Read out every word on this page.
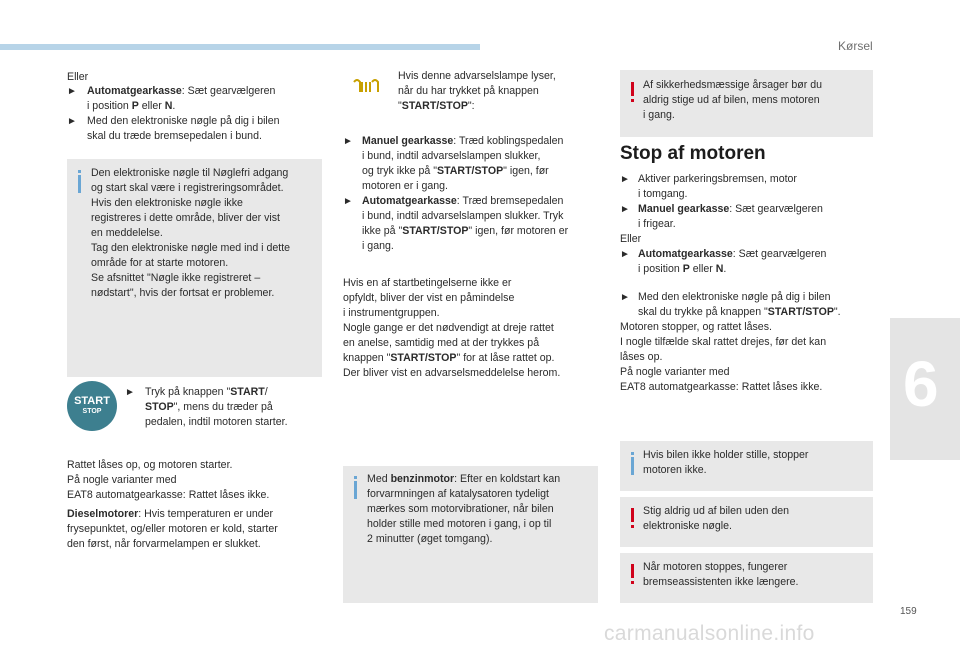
Kørsel
6
159
Eller
► Automatgearkasse: Sæt gearvælgeren
i position P eller N.
► Med den elektroniske nøgle på dig i bilen
skal du træde bremsepedalen i bund.
Den elektroniske nøgle til Nøglefri adgang
og start skal være i registreringsområdet.
Hvis den elektroniske nøgle ikke
registreres i dette område, bliver der vist
en meddelelse.
Tag den elektroniske nøgle med ind i dette
område for at starte motoren.
Se afsnittet "Nøgle ikke registreret –
nødstart", hvis der fortsat er problemer.
START
STOP
► Tryk på knappen "START/
STOP", mens du træder på
pedalen, indtil motoren starter.
Rattet låses op, og motoren starter.
På nogle varianter med
EAT8 automatgearkasse: Rattet låses ikke.
Dieselmotorer: Hvis temperaturen er under
frysepunktet, og/eller motoren er kold, starter
den først, når forvarmelampen er slukket.
Hvis denne advarselslampe lyser,
når du har trykket på knappen
"START/STOP":
► Manuel gearkasse: Træd koblingspedalen
i bund, indtil advarselslampen slukker,
og tryk ikke på "START/STOP" igen, før
motoren er i gang.
► Automatgearkasse: Træd bremsepedalen
i bund, indtil advarselslampen slukker. Tryk
ikke på "START/STOP" igen, før motoren er
i gang.
Hvis en af startbetingelserne ikke er
opfyldt, bliver der vist en påmindelse
i instrumentgruppen.
Nogle gange er det nødvendigt at dreje rattet
en anelse, samtidig med at der trykkes på
knappen "START/STOP" for at låse rattet op.
Der bliver vist en advarselsmeddelelse herom.
Med benzinmotor: Efter en koldstart kan
forvarmningen af katalysatoren tydeligt
mærkes som motorvibrationer, når bilen
holder stille med motoren i gang, i op til
2 minutter (øget tomgang).
Af sikkerhedsmæssige årsager bør du
aldrig stige ud af bilen, mens motoren
i gang.
Stop af motoren
► Aktiver parkeringsbremsen, motor
i tomgang.
► Manuel gearkasse: Sæt gearvælgeren
i frigear.
Eller
► Automatgearkasse: Sæt gearvælgeren
i position P eller N.
► Med den elektroniske nøgle på dig i bilen
skal du trykke på knappen "START/STOP".
Motoren stopper, og rattet låses.
I nogle tilfælde skal rattet drejes, før det kan
låses op.
På nogle varianter med
EAT8 automatgearkasse: Rattet låses ikke.
Hvis bilen ikke holder stille, stopper
motoren ikke.
Stig aldrig ud af bilen uden den
elektroniske nøgle.
Når motoren stoppes, fungerer
bremseassistenten ikke længere.
carmanualsonline.info
